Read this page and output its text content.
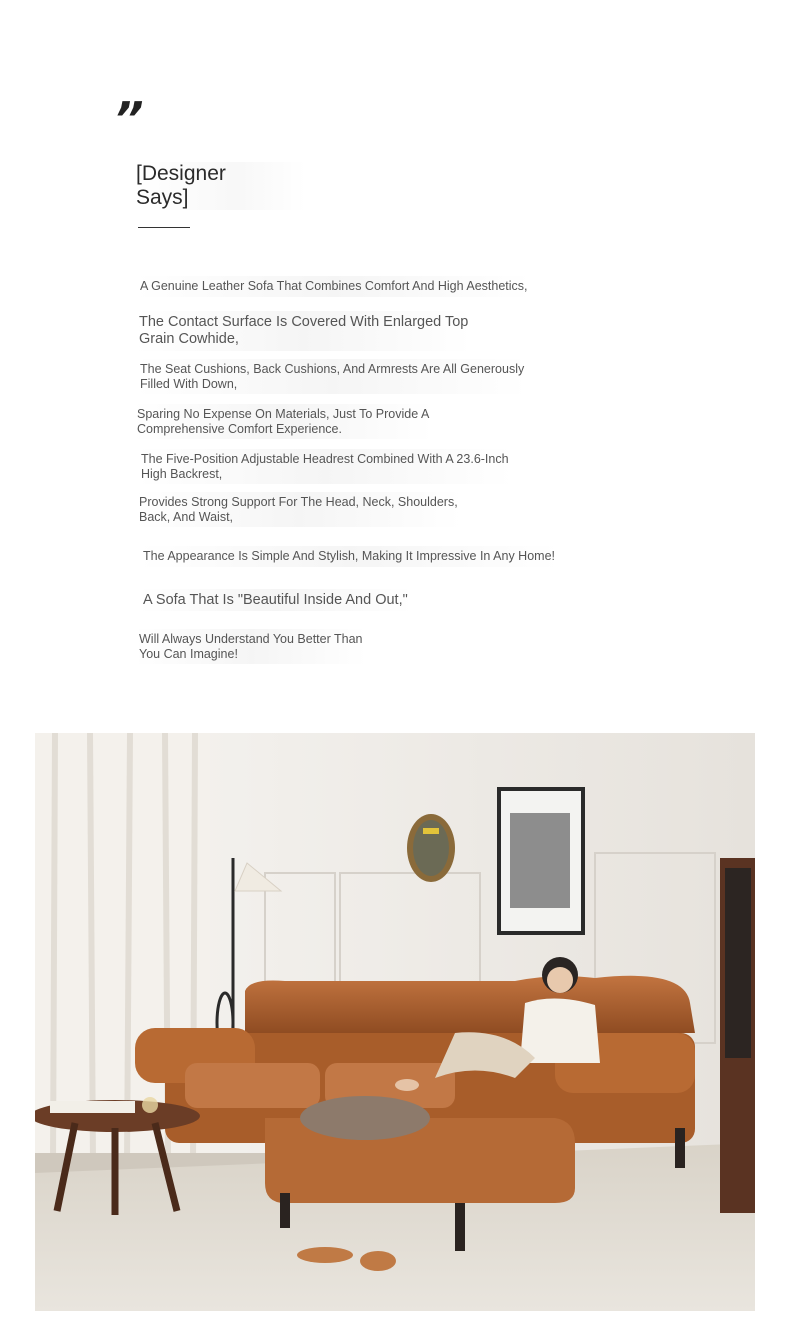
”
[Designer
Says]
A Genuine Leather Sofa That Combines Comfort And High Aesthetics,
The Contact Surface Is Covered With Enlarged Top
Grain Cowhide,
The Seat Cushions, Back Cushions, And Armrests Are All Generously
Filled With Down,
Sparing No Expense On Materials, Just To Provide A
Comprehensive Comfort Experience.
The Five-Position Adjustable Headrest Combined With A 23.6-Inch
High Backrest,
Provides Strong Support For The Head, Neck, Shoulders,
Back, And Waist,
The Appearance Is Simple And Stylish, Making It Impressive In Any Home!
A Sofa That Is "Beautiful Inside And Out,"
Will Always Understand You Better Than
You Can Imagine!
